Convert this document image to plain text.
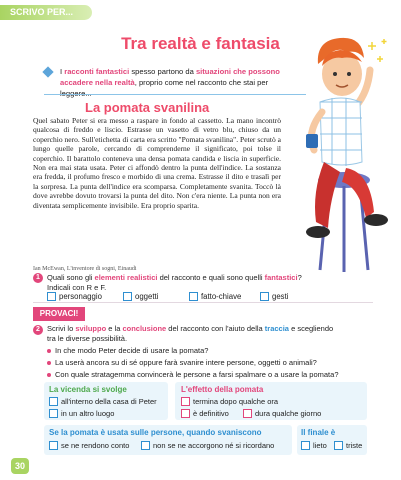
SCRIVO PER...
Tra realtà e fantasia
I racconti fantastici spesso partono da situazioni che possono accadere nella realtà, proprio come nel racconto che stai per
La pomata svanilina
Quel sabato Peter si era messo a raspare in fondo al cassetto. La mano incontrò qualcosa di freddo e liscio. Estrasse un vasetto di vetro blu, chiuso da un coperchio nero. Sull'etichetta di carta era scritto "Pomata svanilina". Peter scrutò a lungo quelle parole, cercando di comprenderne il significato, poi tolse il coperchio. Il barattolo conteneva una densa pomata candida e liscia in superficie. Non era mai stata usata. Peter ci affondò dentro la punta dell'indice. La sostanza era fredda, il profumo fresco e morbido di una crema. Estrasse il dito e trasalì per la sorpresa. La punta dell'indice era scomparsa. Completamente svanita. Toccò là dove avrebbe dovuto trovarsi la punta del dito. Non c'era niente. La punta non era diventata semplicemente invisibile. Era proprio sparita.
Ian McEwan, L'inventore di sogni, Einaudi
1 Quali sono gli elementi realistici del racconto e quali sono quelli fantastici?
Indicali con R e F.
personaggio	oggetti	fatto-chiave	gesti
PROVACI!
2 Scrivi lo sviluppo e la conclusione del racconto con l'aiuto della traccia e scegliendo
tra le diverse possibilità.
In che modo Peter decide di usare la pomata?
La userà ancora su di sé oppure farà svanire intere persone, oggetti o animali?
Con quale stratagemma convincerà le persone a farsi spalmare o a usare la pomata?
La vicenda si svolge
all'interno della casa di Peter
in un altro luogo
L'effetto della pomata
termina dopo qualche ora
è definitivo	dura qualche giorno
Se la pomata è usata sulle persone, quando svaniscono
se ne rendono conto	non se ne accorgono né si ricordano
Il finale è
lieto	triste
30
